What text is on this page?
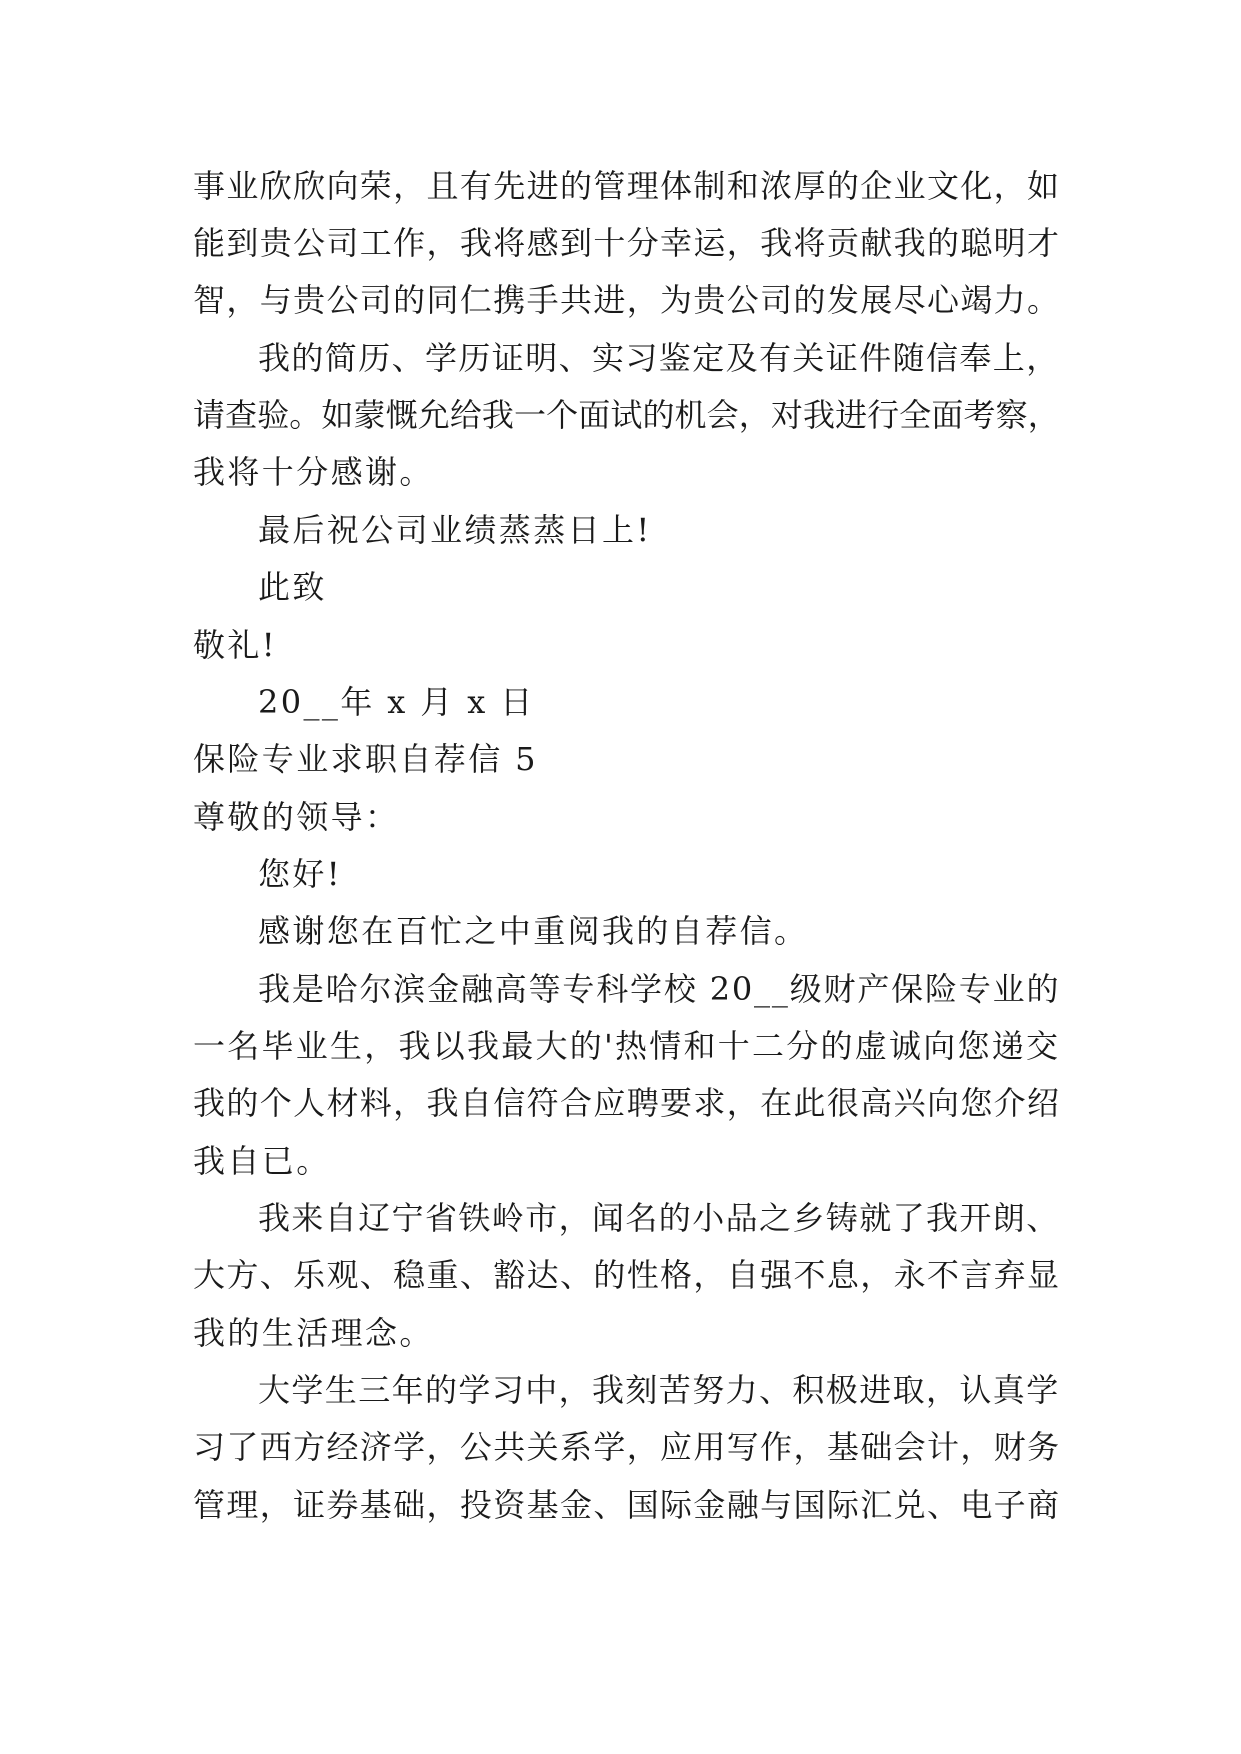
事业欣欣向荣，且有先进的管理体制和浓厚的企业文化，如
能到贵公司工作，我将感到十分幸运，我将贡献我的聪明才
智，与贵公司的同仁携手共进，为贵公司的发展尽心竭力。
我的简历、学历证明、实习鉴定及有关证件随信奉上，
请查验。如蒙慨允给我一个面试的机会，对我进行全面考察，
我将十分感谢。
最后祝公司业绩蒸蒸日上!
此致
敬礼!
20__年 x 月 x 日
保险专业求职自荐信 5
尊敬的领导：
您好!
感谢您在百忙之中重阅我的自荐信。
我是哈尔滨金融高等专科学校 20__级财产保险专业的
一名毕业生，我以我最大的'热情和十二分的虚诚向您递交
我的个人材料，我自信符合应聘要求，在此很高兴向您介绍
我自已。
我来自辽宁省铁岭市，闻名的小品之乡铸就了我开朗、
大方、乐观、稳重、豁达、的性格，自强不息，永不言弃显
我的生活理念。
大学生三年的学习中，我刻苦努力、积极进取，认真学
习了西方经济学，公共关系学，应用写作，基础会计，财务
管理，证券基础，投资基金、国际金融与国际汇兑、电子商
